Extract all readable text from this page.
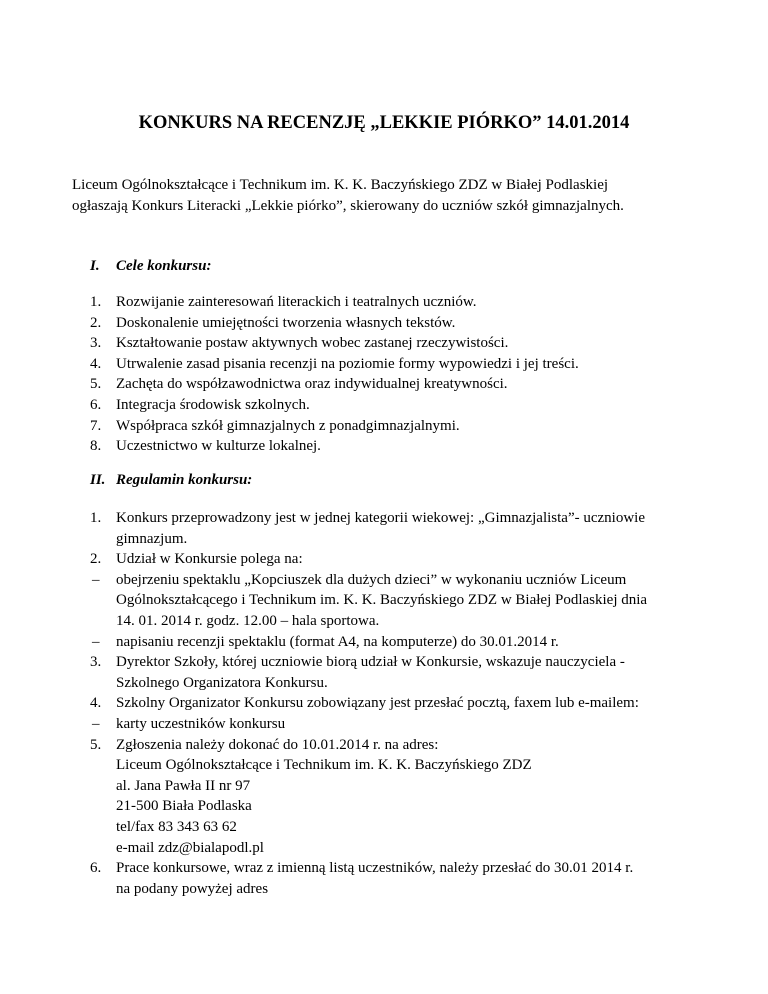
KONKURS NA RECENZJĘ „LEKKIE PIÓRKO” 14.01.2014
Liceum Ogólnokształcące i Technikum im. K. K. Baczyńskiego ZDZ w Białej Podlaskiej
ogłaszają Konkurs Literacki „Lekkie piórko”, skierowany do uczniów szkół gimnazjalnych.
I. Cele konkursu:
1. Rozwijanie zainteresowań literackich i teatralnych uczniów.
2. Doskonalenie umiejętności tworzenia własnych tekstów.
3. Kształtowanie postaw aktywnych wobec zastanej rzeczywistości.
4. Utrwalenie zasad pisania recenzji na poziomie formy wypowiedzi i jej treści.
5. Zachęta do współzawodnictwa oraz indywidualnej kreatywności.
6. Integracja środowisk szkolnych.
7. Współpraca szkół gimnazjalnych z ponadgimnazjalnymi.
8. Uczestnictwo w kulturze lokalnej.
II. Regulamin konkursu:
1. Konkurs przeprowadzony jest w jednej kategorii wiekowej: „Gimnazjalista”- uczniowie
gimnazjum.
2. Udział w Konkursie polega na:
– obejrzeniu spektaklu „Kopciuszek dla dużych dzieci” w wykonaniu uczniów Liceum
Ogólnokształcącego i Technikum im. K. K. Baczyńskiego ZDZ w Białej Podlaskiej dnia
14. 01. 2014 r. godz. 12.00 – hala sportowa.
– napisaniu recenzji spektaklu (format A4, na komputerze) do 30.01.2014 r.
3. Dyrektor Szkoły, której uczniowie biorą udział w Konkursie, wskazuje nauczyciela -
Szkolnego Organizatora Konkursu.
4. Szkolny Organizator Konkursu zobowiązany jest przesłać pocztą, faxem lub e-mailem:
– karty uczestników konkursu
5. Zgłoszenia należy dokonać do 10.01.2014 r. na adres:
Liceum Ogólnokształcące i Technikum im. K. K. Baczyńskiego ZDZ
al. Jana Pawła II nr 97
21-500 Biała Podlaska
tel/fax 83 343 63 62
e-mail zdz@bialapodl.pl
6. Prace konkursowe, wraz z imienną listą uczestników, należy przesłać do 30.01 2014 r.
na podany powyżej adres
